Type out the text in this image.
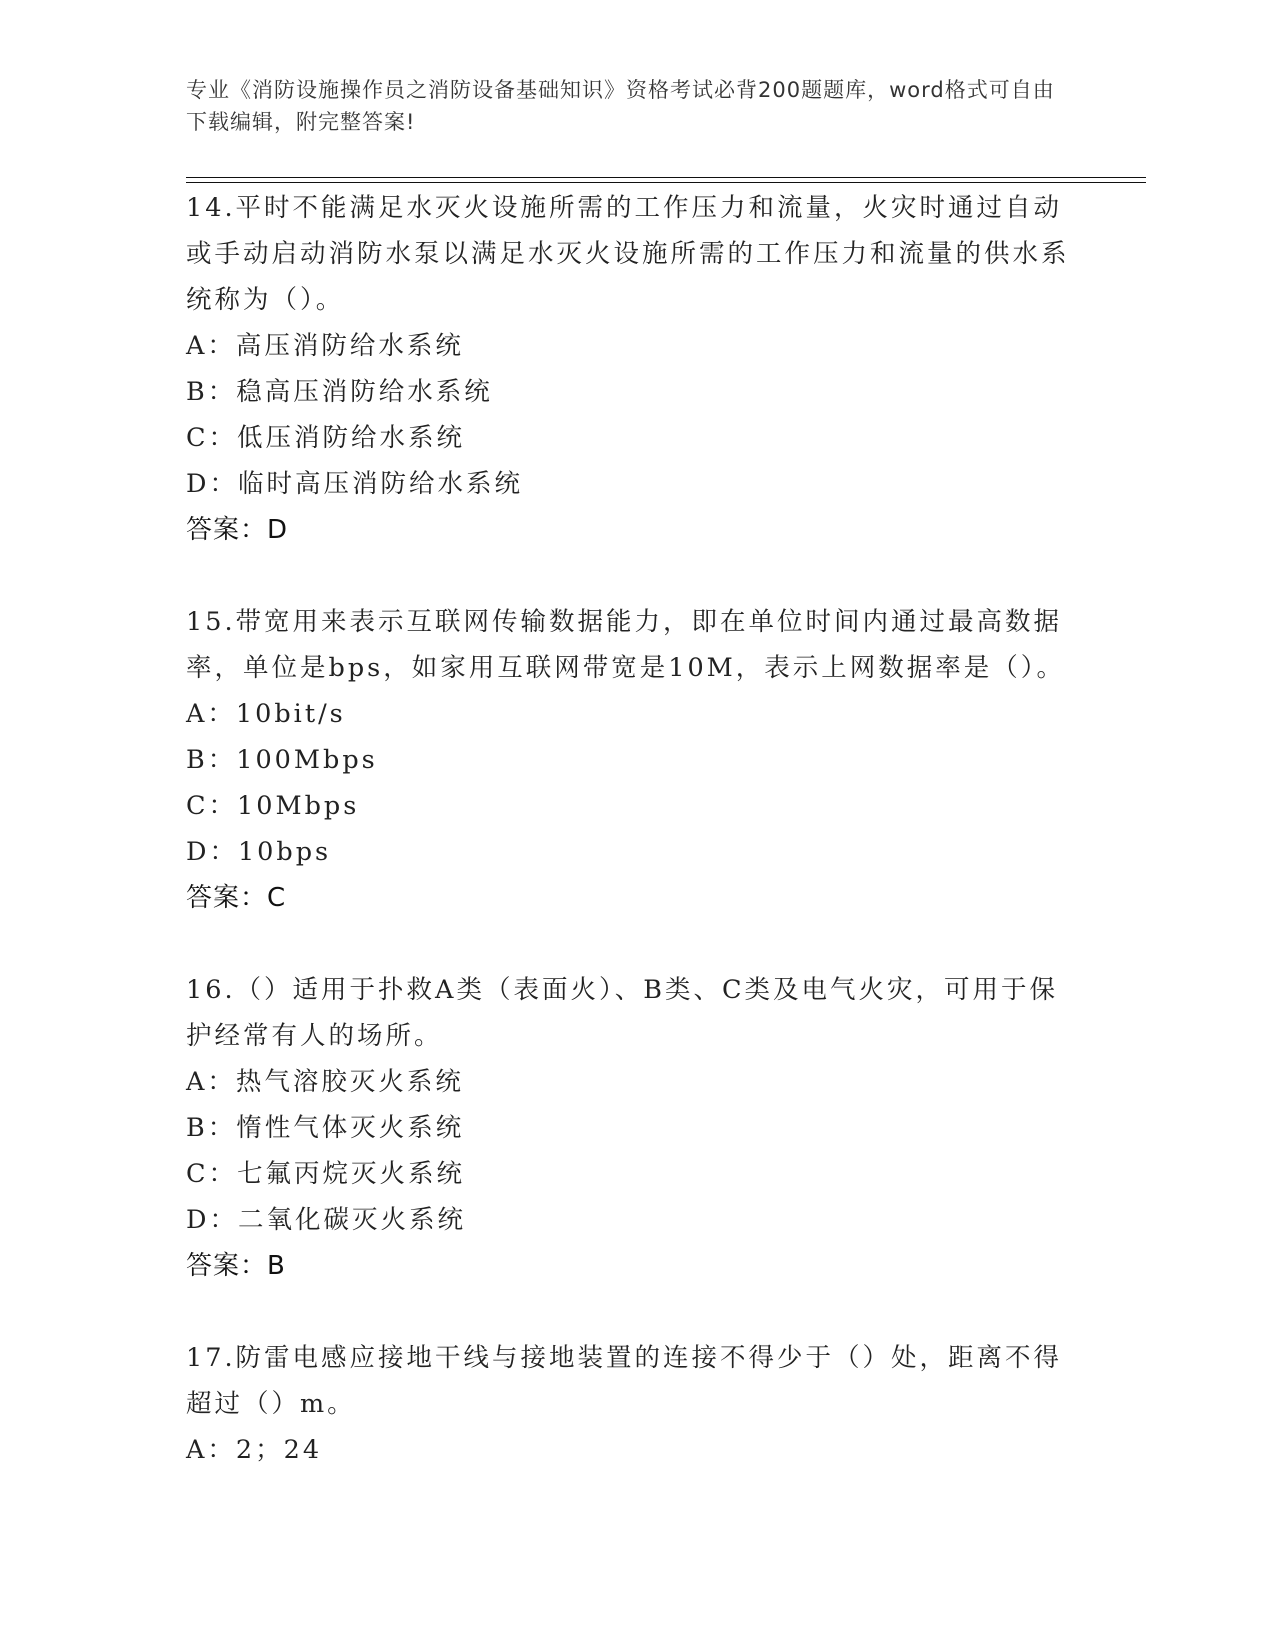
专业《消防设施操作员之消防设备基础知识》资格考试必背200题题库，word格式可自由下载编辑，附完整答案!

14.平时不能满足水灭火设施所需的工作压力和流量，火灾时通过自动或手动启动消防水泵以满足水灭火设施所需的工作压力和流量的供水系统称为（）。

A：高压消防给水系统

B：稳高压消防给水系统

C：低压消防给水系统

D：临时高压消防给水系统

答案：D

15.带宽用来表示互联网传输数据能力，即在单位时间内通过最高数据率，单位是bps，如家用互联网带宽是10M，表示上网数据率是（）。

A：10bit/s

B：100Mbps

C：10Mbps

D：10bps

答案：C

16.（）适用于扑救A类（表面火）、B类、C类及电气火灾，可用于保护经常有人的场所。

A：热气溶胶灭火系统

B：惰性气体灭火系统

C：七氟丙烷灭火系统

D：二氧化碳灭火系统

答案：B

17.防雷电感应接地干线与接地装置的连接不得少于（）处，距离不得超过（）m。

A：2；24
